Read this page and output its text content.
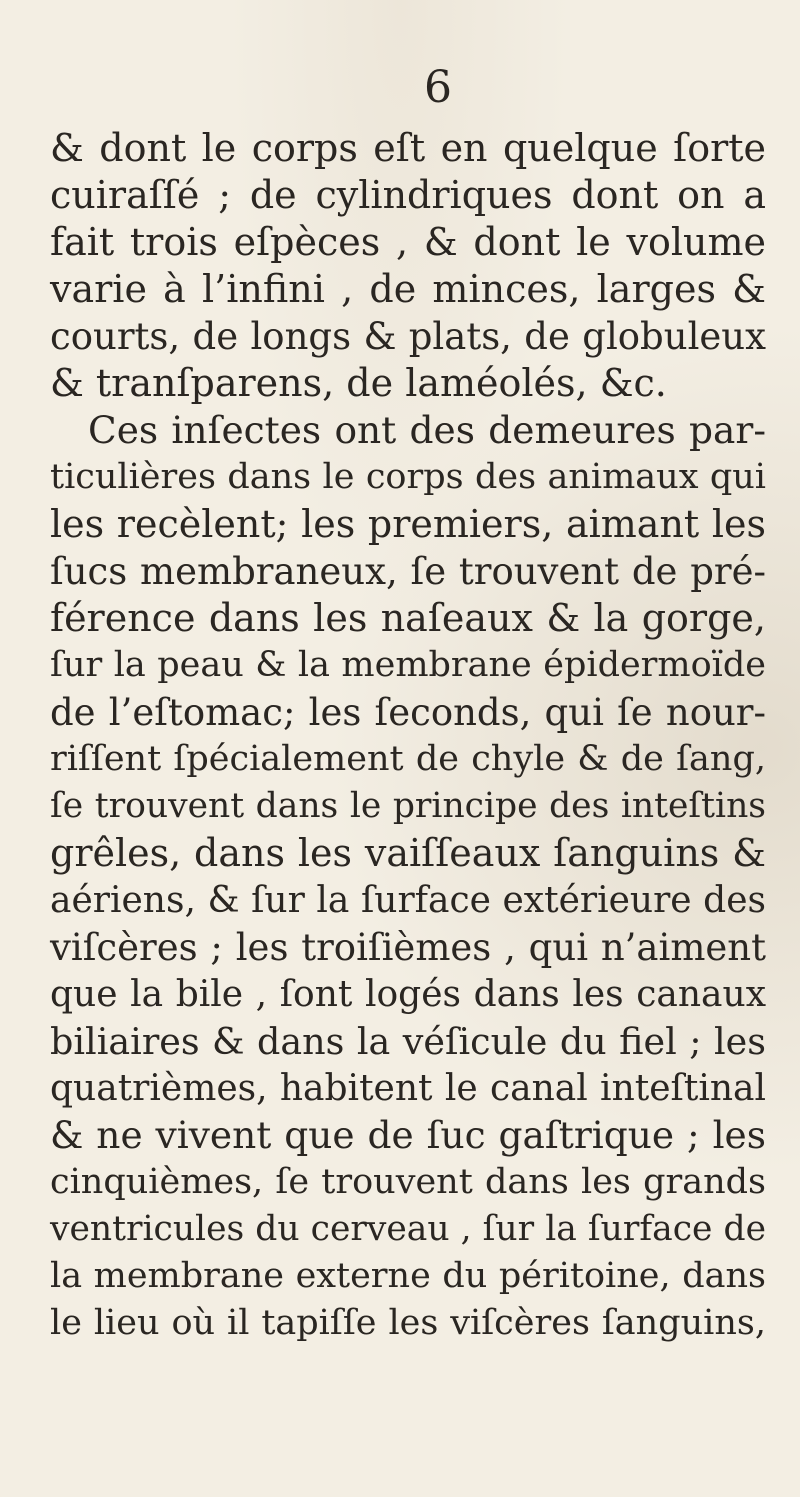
6
& dont le corps eſt en quelque ſorte
cuiraſſé ; de cylindriques dont on a
fait trois eſpèces , & dont le volume
varie à l’infini , de minces, larges &
courts, de longs & plats, de globuleux
& tranſparens, de laméolés, &c.
Ces inſectes ont des demeures par-
ticulières dans le corps des animaux qui
les recèlent; les premiers, aimant les
ſucs membraneux, ſe trouvent de pré-
férence dans les naſeaux & la gorge,
ſur la peau & la membrane épidermoïde
de l’eſtomac; les ſeconds, qui ſe nour-
riſſent ſpécialement de chyle & de ſang,
ſe trouvent dans le principe des inteſtins
grêles, dans les vaiſſeaux ſanguins &
aériens, & ſur la ſurface extérieure des
viſcères ; les troiſièmes , qui n’aiment
que la bile , ſont logés dans les canaux
biliaires & dans la véſicule du fiel ; les
quatrièmes, habitent le canal inteſtinal
& ne vivent que de ſuc gaſtrique ; les
cinquièmes, ſe trouvent dans les grands
ventricules du cerveau , ſur la ſurface de
la membrane externe du péritoine, dans
le lieu où il tapiſſe les viſcères ſanguins,
